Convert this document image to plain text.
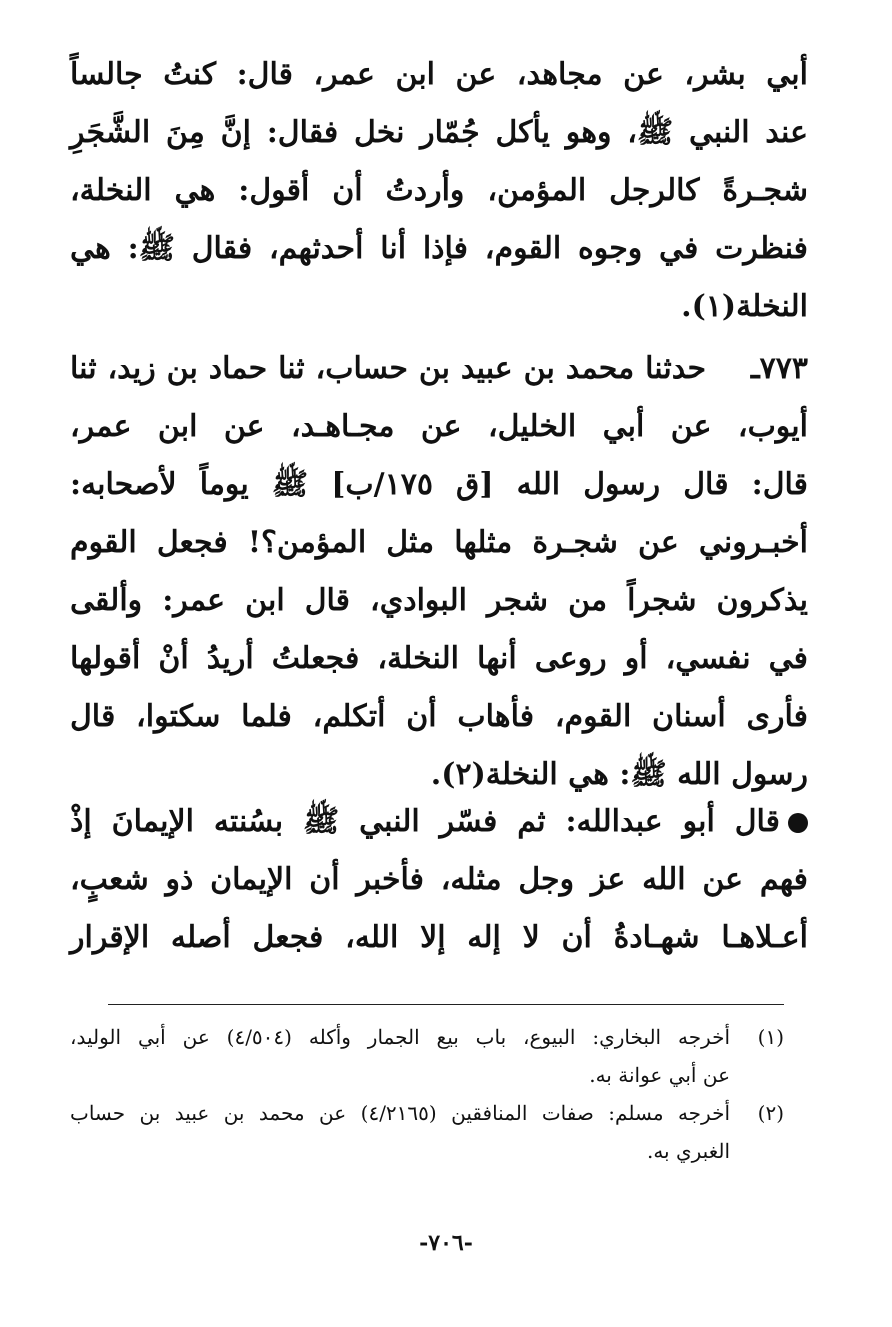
أبي بشر، عن مجاهد، عن ابن عمر، قال: كنتُ جالساً
عند النبي ﷺ، وهو يأكل جُمّار نخل فقال: إنَّ مِنَ الشَّجَرِ
شجـرةً كالرجل المؤمن، وأردتُ أن أقول: هي النخلة،
فنظرت في وجوه القوم، فإذا أنا أحدثهم، فقال ﷺ: هي
النخلة(١).
٧٧٣ـ
حدثنا محمد بن عبيد بن حساب، ثنا حماد بن زيد، ثنا
أيوب، عن أبي الخليل، عن مجـاهـد، عن ابن عمر،
قال: قال رسول الله [ق ١٧٥/ب] ﷺ يوماً لأصحابه:
أخبـروني عن شجـرة مثلها مثل المؤمن؟! فجعل القوم
يذكرون شجراً من شجر البوادي، قال ابن عمر: وألقى
في نفسي، أو روعى أنها النخلة، فجعلتُ أريدُ أنْ أقولها
فأرى أسنان القوم، فأهاب أن أتكلم، فلما سكتوا، قال
رسول الله ﷺ: هي النخلة(٢).
قال أبو عبدالله: ثم فسّر النبي ﷺ بسُنته الإيمانَ إذْ
فهم عن الله عز وجل مثله، فأخبر أن الإيمان ذو شعبٍ،
أعـلاهـا شهـادةُ أن لا إله إلا الله، فجعل أصله الإقرار
(١)
أخرجه البخاري: البيوع، باب بيع الجمار وأكله (٤/٥٠٤) عن أبي الوليد،
عن أبي عوانة به.
(٢)
أخرجه مسلم: صفات المنافقين (٤/٢١٦٥) عن محمد بن عبيد بن حساب
الغبري به.
-٧٠٦-
